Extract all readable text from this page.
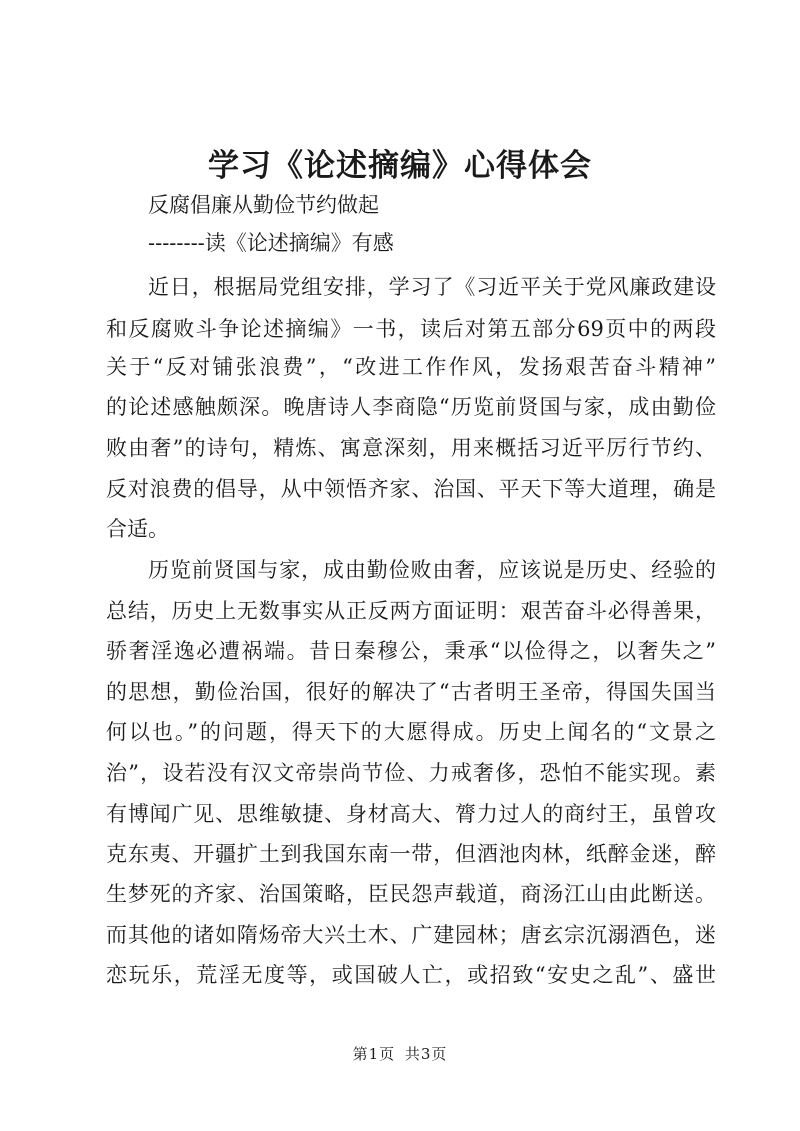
学习《论述摘编》心得体会
反腐倡廉从勤俭节约做起
--------读《论述摘编》有感
近日，根据局党组安排，学习了《习近平关于党风廉政建设
和反腐败斗争论述摘编》一书，读后对第五部分69页中的两段
关于“反对铺张浪费”，“改进工作作风，发扬艰苦奋斗精神”
的论述感触颇深。晚唐诗人李商隐“历览前贤国与家，成由勤俭
败由奢”的诗句，精炼、寓意深刻，用来概括习近平厉行节约、
反对浪费的倡导，从中领悟齐家、治国、平天下等大道理，确是
合适。
历览前贤国与家，成由勤俭败由奢，应该说是历史、经验的
总结，历史上无数事实从正反两方面证明：艰苦奋斗必得善果，
骄奢淫逸必遭祸端。昔日秦穆公，秉承“以俭得之，以奢失之”
的思想，勤俭治国，很好的解决了“古者明王圣帝，得国失国当
何以也。”的问题，得天下的大愿得成。历史上闻名的“文景之
治”，设若没有汉文帝崇尚节俭、力戒奢侈，恐怕不能实现。素
有博闻广见、思维敏捷、身材高大、膂力过人的商纣王，虽曾攻
克东夷、开疆扩土到我国东南一带，但酒池肉林，纸醉金迷，醉
生梦死的齐家、治国策略，臣民怨声载道，商汤江山由此断送。
而其他的诸如隋炀帝大兴土木、广建园林；唐玄宗沉溺酒色，迷
恋玩乐，荒淫无度等，或国破人亡，或招致“安史之乱”、盛世
第1页 共3页
